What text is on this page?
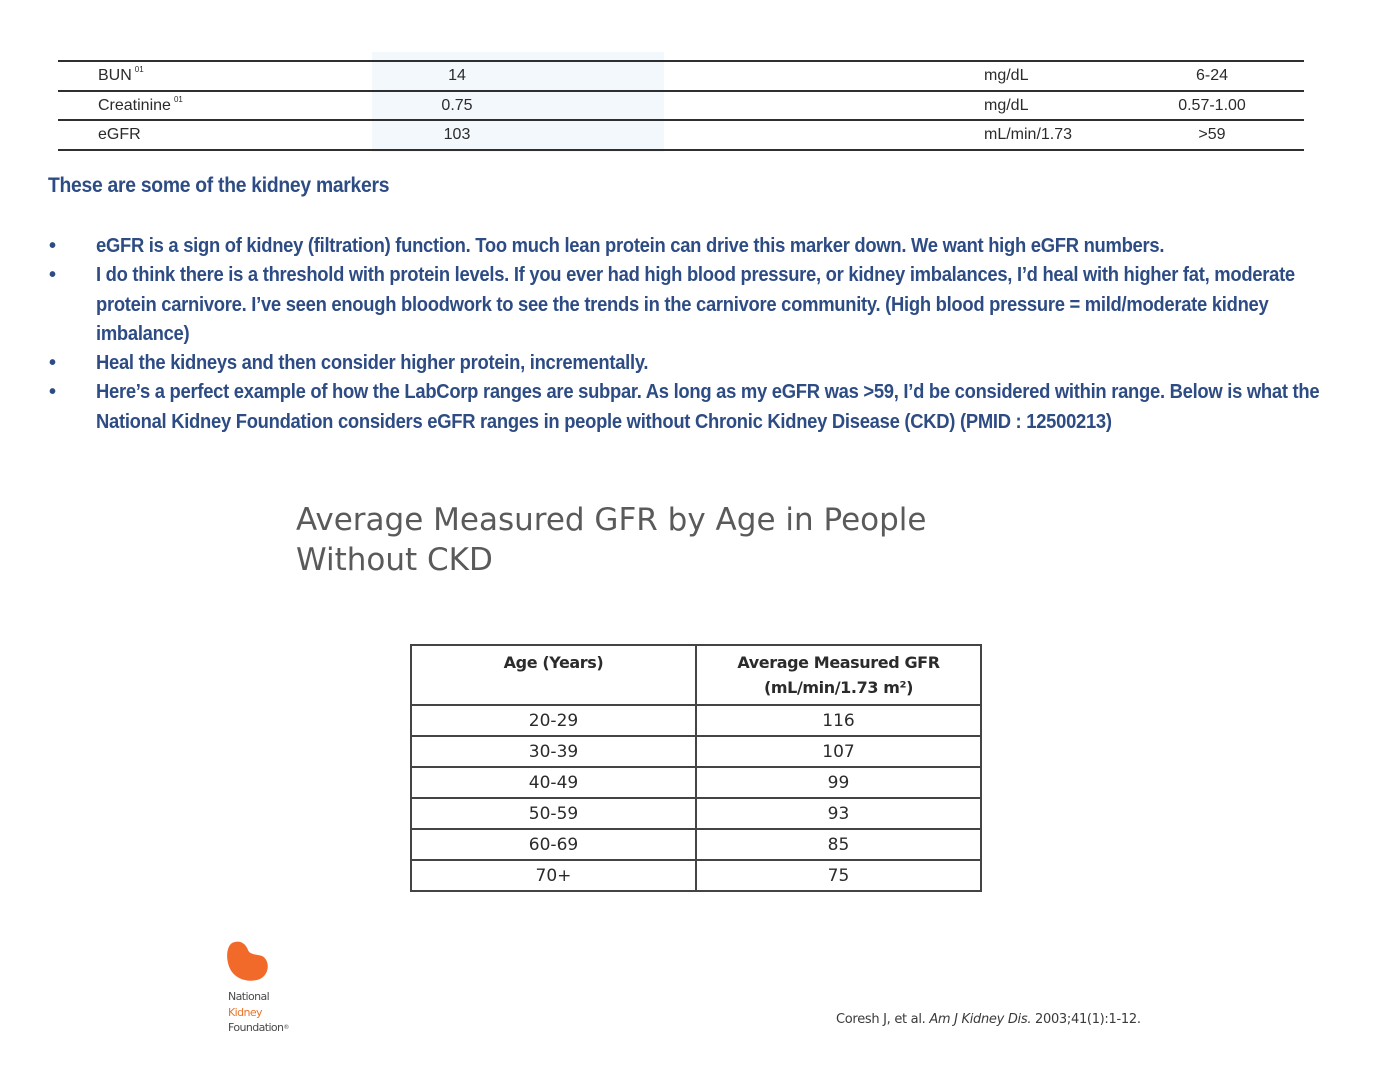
BUN $^{01}$	14	mg/dL	6-24
Creatinine $^{01}$	0.75	mg/dL	0.57-1.00
eGFR	103	mL/min/1.73	>59
These are some of the kidney markers
• eGFR is a sign of kidney (filtration) function. Too much lean protein can drive this marker down. We want high eGFR numbers.
• I do think there is a threshold with protein levels. If you ever had high blood pressure, or kidney imbalances, I’d heal with higher fat, moderate protein carnivore. I’ve seen enough bloodwork to see the trends in the carnivore community. (High blood pressure = mild/moderate kidney imbalance)
• Heal the kidneys and then consider higher protein, incrementally.
• Here’s a perfect example of how the LabCorp ranges are subpar. As long as my eGFR was >59, I’d be considered within range. Below is what the National Kidney Foundation considers eGFR ranges in people without Chronic Kidney Disease (CKD) (PMID : 12500213)
Average Measured GFR by Age in People
Without CKD
Age (Years)	Average Measured GFR
(mL/min/1.73 m²)

20-29	116
30-39	107
40-49	99
50-59	93
60-69	85
70+	75
National
Kidney
Foundation®
Coresh J, et al. Am J Kidney Dis. 2003;41(1):1-12.
